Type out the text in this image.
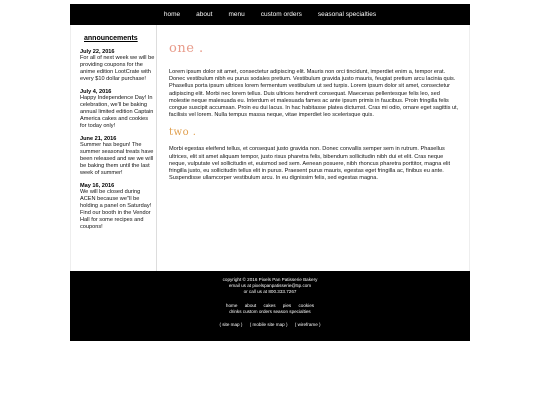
home	about	menu	custom orders	seasonal specialties
announcements
July 22, 2016
For all of next week we will be providing coupons for the anime edition LootCrate with every $10 dollar purchase!
July 4, 2016
Happy Independence Day! In celebration, we'll be baking annual limited edition Captain America cakes and cookies for today only!
June 21, 2016
Summer has begun! The summer seasonal treats have been released and we we will be baking them until the last week of summer!
May 16, 2016
We will be closed during ACEN because we''ll be holding a panel on Saturday! Find our booth in the Vendor Hall for some recipes and coupons!
one .

Lorem ipsum dolor sit amet, consectetur adipiscing elit. Mauris non orci tincidunt, imperdiet enim a, tempor erat. Donec vestibulum nibh eu purus sodales pretium. Vestibulum gravida justo mauris, feugiat pretium arcu lacinia quis. Phasellus porta ipsum ultrices lorem fermentum vestibulum ut sed turpis. Lorem ipsum dolor sit amet, consectetur adipiscing elit. Morbi nec lorem tellus. Duis ultrices hendrerit consequat. Maecenas pellentesque felis leo, sed molestie neque malesuada eu. Interdum et malesuada fames ac ante ipsum primis in faucibus. Proin fringilla felis congue suscipit accumsan. Proin eu dui lacus. In hac habitasse platea dictumst. Cras mi odio, ornare eget sagittis ut, facilisis vel lorem. Nulla tempus massa neque, vitae imperdiet leo scelerisque quis.

two .

Morbi egestas eleifend tellus, et consequat justo gravida non. Donec convallis semper sem in rutrum. Phasellus ultrices, elit sit amet aliquam tempor, justo risus pharetra felis, bibendum sollicitudin nibh dui et elit. Cras neque neque, vulputate vel sollicitudin et, euismod sed sem. Aenean posuere, nibh rhoncus pharetra porttitor, magna elit fringilla justo, eu sollicitudin tellus elit in purus. Praesent purus mauris, egestas eget fringilla ac, finibus eu ante. Suspendisse ullamcorper vestibulum arcu. In eu dignissim felis, sed egestas magna.

copyright © 2016 Pixels Pan Patisserie Bakery
email us at pixelspanpatisserie@5p.com
or call us at 800.333.7267
home about cakes pies cookies
drinks custom orders season specialties
( site map ) ( mobile site map ) ( wireframe )
